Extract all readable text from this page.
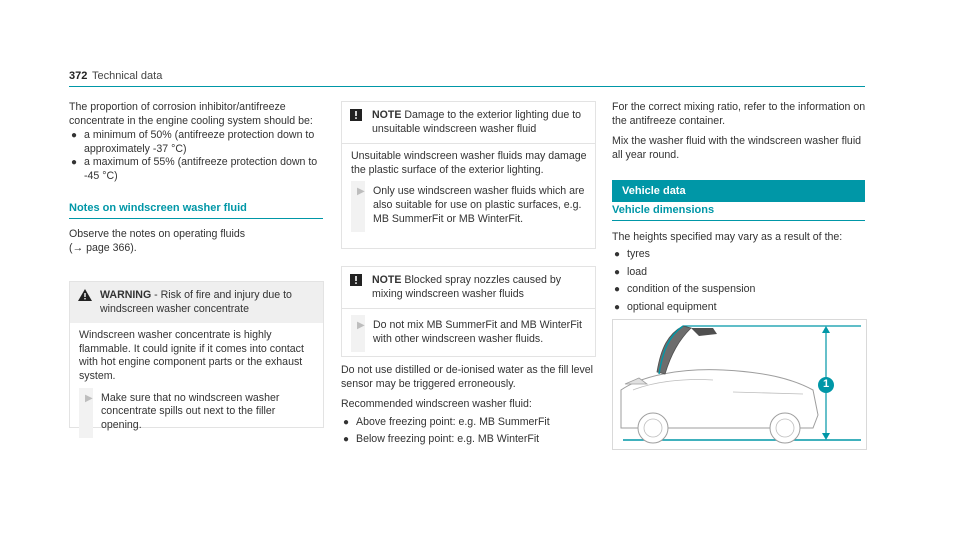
372 Technical data

The proportion of corrosion inhibitor/antifreeze concentrate in the engine cooling system should be:

● a minimum of 50% (antifreeze protection down to approximately -37 °C)
● a maximum of 55% (antifreeze protection down to -45 °C)
Notes on windscreen washer fluid

Observe the notes on operating fluids
(→ page 366).

WARNING - Risk of fire and injury due to windscreen washer concentrate

Windscreen washer concentrate is highly flammable. It could ignite if it comes into contact with hot engine component parts or the exhaust system.

▶ Make sure that no windscreen washer concentrate spills out next to the filler opening.
NOTE Damage to the exterior lighting due to unsuitable windscreen washer fluid

Unsuitable windscreen washer fluids may damage the plastic surface of the exterior lighting.

▶ Only use windscreen washer fluids which are also suitable for use on plastic surfaces, e.g. MB SummerFit or MB WinterFit.
NOTE Blocked spray nozzles caused by mixing windscreen washer fluids
▶ Do not mix MB SummerFit and MB WinterFit with other windscreen washer fluids.

Do not use distilled or de-ionised water as the fill level sensor may be triggered erroneously.

Recommended windscreen washer fluid:

● Above freezing point: e.g. MB SummerFit
● Below freezing point: e.g. MB WinterFit

For the correct mixing ratio, refer to the information on the antifreeze container.

Mix the washer fluid with the windscreen washer fluid all year round.

Vehicle data
Vehicle dimensions

The heights specified may vary as a result of the:

● tyres
● load
● condition of the suspension
● optional equipment
1
